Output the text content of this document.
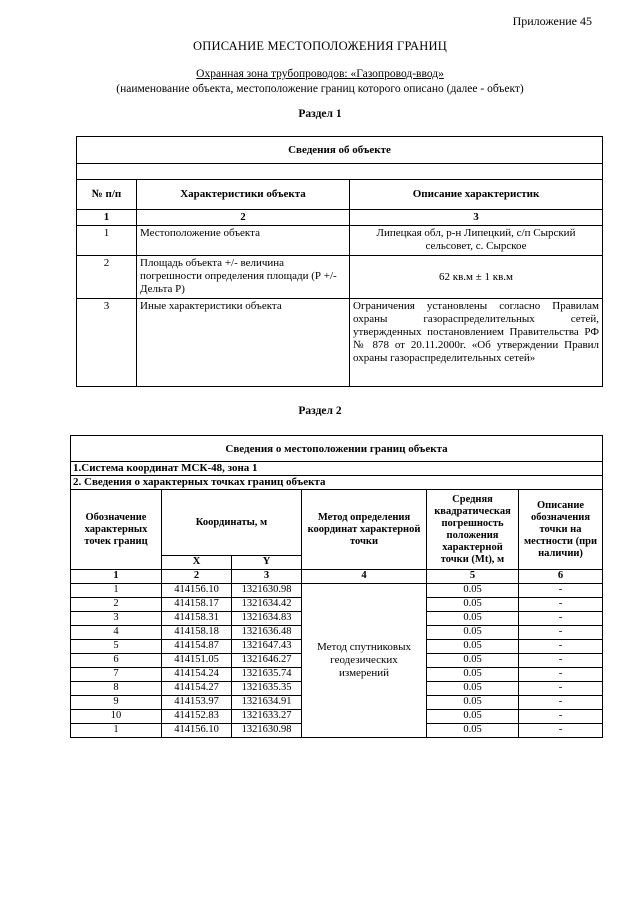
Приложение 45
ОПИСАНИЕ МЕСТОПОЛОЖЕНИЯ ГРАНИЦ
Охранная зона трубопроводов: «Газопровод-ввод»
(наименование объекта, местоположение границ которого описано (далее - объект)
Раздел 1
Сведения об объекте		

№ п/п	Характеристики объекта	Описание характеристик
1	2	3
1	Местоположение объекта	Липецкая обл, р-н Липецкий, с/п Сырский сельсовет, с. Сырское
2	Площадь объекта +/- величина погрешности определения площади (Р +/- Дельта Р)	62 кв.м ± 1 кв.м
3	Иные характеристики объекта	Ограничения установлены согласно Правилам охраны газораспределительных сетей, утвержденных постановлением Правительства РФ № 878 от 20.11.2000г. «Об утверждении Правил охраны газораспределительных сетей»
Раздел 2
Сведения о местоположении границ объекта					
1.Система координат МСК-48, зона 1					
2. Сведения о характерных точках границ объекта					
Обозначение характерных точек границ	Координаты, м		Метод определения координат характерной точки	Средняя квадратическая погрешность положения характерной точки (Mt), м	Описание обозначения точки на местности (при наличии)
	X	Y			
1	2	3	4	5	6
1	414156.10	1321630.98	Метод спутниковых геодезических измерений	0.05	-
2	414158.17	1321634.42		0.05	-
3	414158.31	1321634.83		0.05	-
4	414158.18	1321636.48		0.05	-
5	414154.87	1321647.43		0.05	-
6	414151.05	1321646.27		0.05	-
7	414154.24	1321635.74		0.05	-
8	414154.27	1321635.35		0.05	-
9	414153.97	1321634.91		0.05	-
10	414152.83	1321633.27		0.05	-
1	414156.10	1321630.98		0.05	-
